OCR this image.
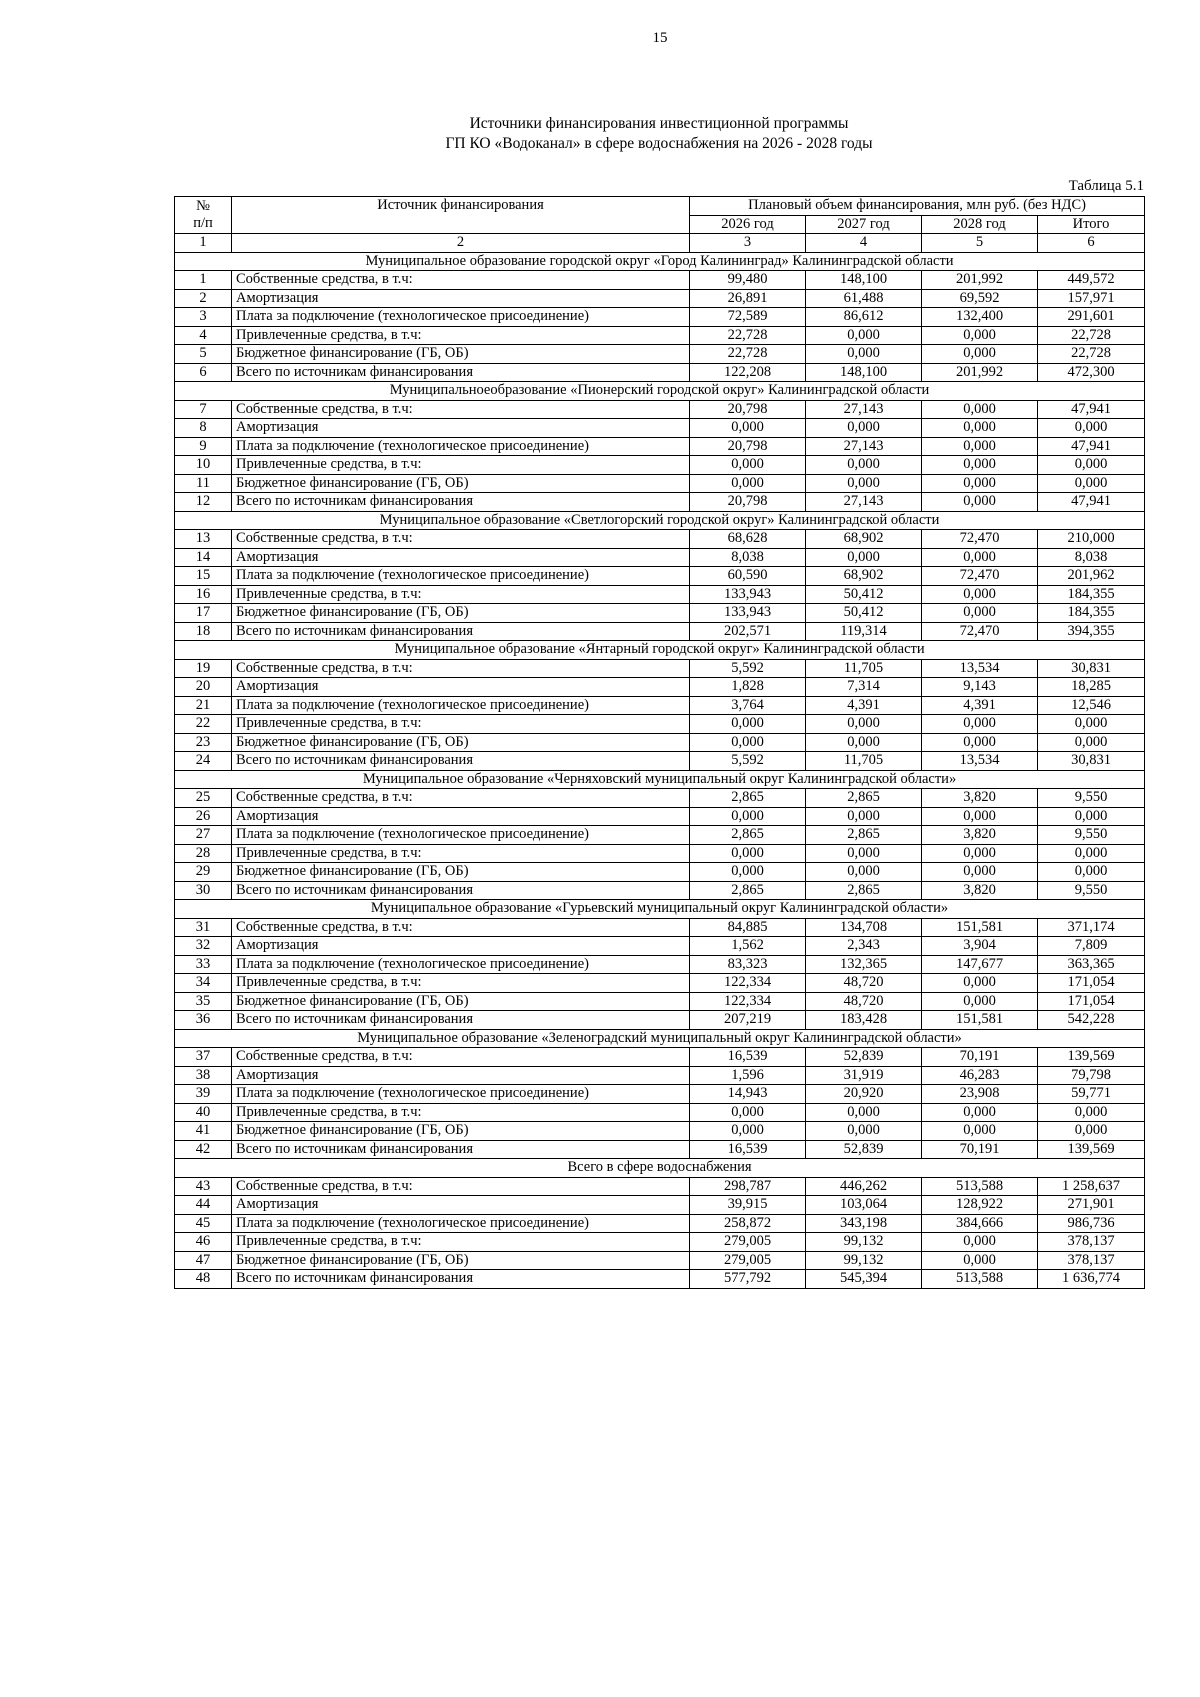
15
Источники финансирования инвестиционной программы
ГП КО «Водоканал» в сфере водоснабжения на 2026 - 2028 годы
Таблица 5.1
№
п/п	Источник финансирования	Плановый объем финансирования, млн руб. (без НДС)			
		2026 год	2027 год	2028 год	Итого
1	2	3	4	5	6
Муниципальное образование городской округ «Город Калининград» Калининградской области					
1	Собственные средства, в т.ч:	99,480	148,100	201,992	449,572
2	Амортизация	26,891	61,488	69,592	157,971
3	Плата за подключение (технологическое присоединение)	72,589	86,612	132,400	291,601
4	Привлеченные средства, в т.ч:	22,728	0,000	0,000	22,728
5	Бюджетное финансирование (ГБ, ОБ)	22,728	0,000	0,000	22,728
6	Всего по источникам финансирования	122,208	148,100	201,992	472,300
Муниципальноеобразование «Пионерский городской округ» Калининградской области					
7	Собственные средства, в т.ч:	20,798	27,143	0,000	47,941
8	Амортизация	0,000	0,000	0,000	0,000
9	Плата за подключение (технологическое присоединение)	20,798	27,143	0,000	47,941
10	Привлеченные средства, в т.ч:	0,000	0,000	0,000	0,000
11	Бюджетное финансирование (ГБ, ОБ)	0,000	0,000	0,000	0,000
12	Всего по источникам финансирования	20,798	27,143	0,000	47,941
Муниципальное образование «Светлогорский городской округ» Калининградской области					
13	Собственные средства, в т.ч:	68,628	68,902	72,470	210,000
14	Амортизация	8,038	0,000	0,000	8,038
15	Плата за подключение (технологическое присоединение)	60,590	68,902	72,470	201,962
16	Привлеченные средства, в т.ч:	133,943	50,412	0,000	184,355
17	Бюджетное финансирование (ГБ, ОБ)	133,943	50,412	0,000	184,355
18	Всего по источникам финансирования	202,571	119,314	72,470	394,355
Муниципальное образование «Янтарный городской округ» Калининградской области					
19	Собственные средства, в т.ч:	5,592	11,705	13,534	30,831
20	Амортизация	1,828	7,314	9,143	18,285
21	Плата за подключение (технологическое присоединение)	3,764	4,391	4,391	12,546
22	Привлеченные средства, в т.ч:	0,000	0,000	0,000	0,000
23	Бюджетное финансирование (ГБ, ОБ)	0,000	0,000	0,000	0,000
24	Всего по источникам финансирования	5,592	11,705	13,534	30,831
Муниципальное образование «Черняховский муниципальный округ Калининградской области»					
25	Собственные средства, в т.ч:	2,865	2,865	3,820	9,550
26	Амортизация	0,000	0,000	0,000	0,000
27	Плата за подключение (технологическое присоединение)	2,865	2,865	3,820	9,550
28	Привлеченные средства, в т.ч:	0,000	0,000	0,000	0,000
29	Бюджетное финансирование (ГБ, ОБ)	0,000	0,000	0,000	0,000
30	Всего по источникам финансирования	2,865	2,865	3,820	9,550
Муниципальное образование «Гурьевский муниципальный округ Калининградской области»					
31	Собственные средства, в т.ч:	84,885	134,708	151,581	371,174
32	Амортизация	1,562	2,343	3,904	7,809
33	Плата за подключение (технологическое присоединение)	83,323	132,365	147,677	363,365
34	Привлеченные средства, в т.ч:	122,334	48,720	0,000	171,054
35	Бюджетное финансирование (ГБ, ОБ)	122,334	48,720	0,000	171,054
36	Всего по источникам финансирования	207,219	183,428	151,581	542,228
Муниципальное образование «Зеленоградский муниципальный округ Калининградской области»					
37	Собственные средства, в т.ч:	16,539	52,839	70,191	139,569
38	Амортизация	1,596	31,919	46,283	79,798
39	Плата за подключение (технологическое присоединение)	14,943	20,920	23,908	59,771
40	Привлеченные средства, в т.ч:	0,000	0,000	0,000	0,000
41	Бюджетное финансирование (ГБ, ОБ)	0,000	0,000	0,000	0,000
42	Всего по источникам финансирования	16,539	52,839	70,191	139,569
Всего в сфере водоснабжения					
43	Собственные средства, в т.ч:	298,787	446,262	513,588	1 258,637
44	Амортизация	39,915	103,064	128,922	271,901
45	Плата за подключение (технологическое присоединение)	258,872	343,198	384,666	986,736
46	Привлеченные средства, в т.ч:	279,005	99,132	0,000	378,137
47	Бюджетное финансирование (ГБ, ОБ)	279,005	99,132	0,000	378,137
48	Всего по источникам финансирования	577,792	545,394	513,588	1 636,774
